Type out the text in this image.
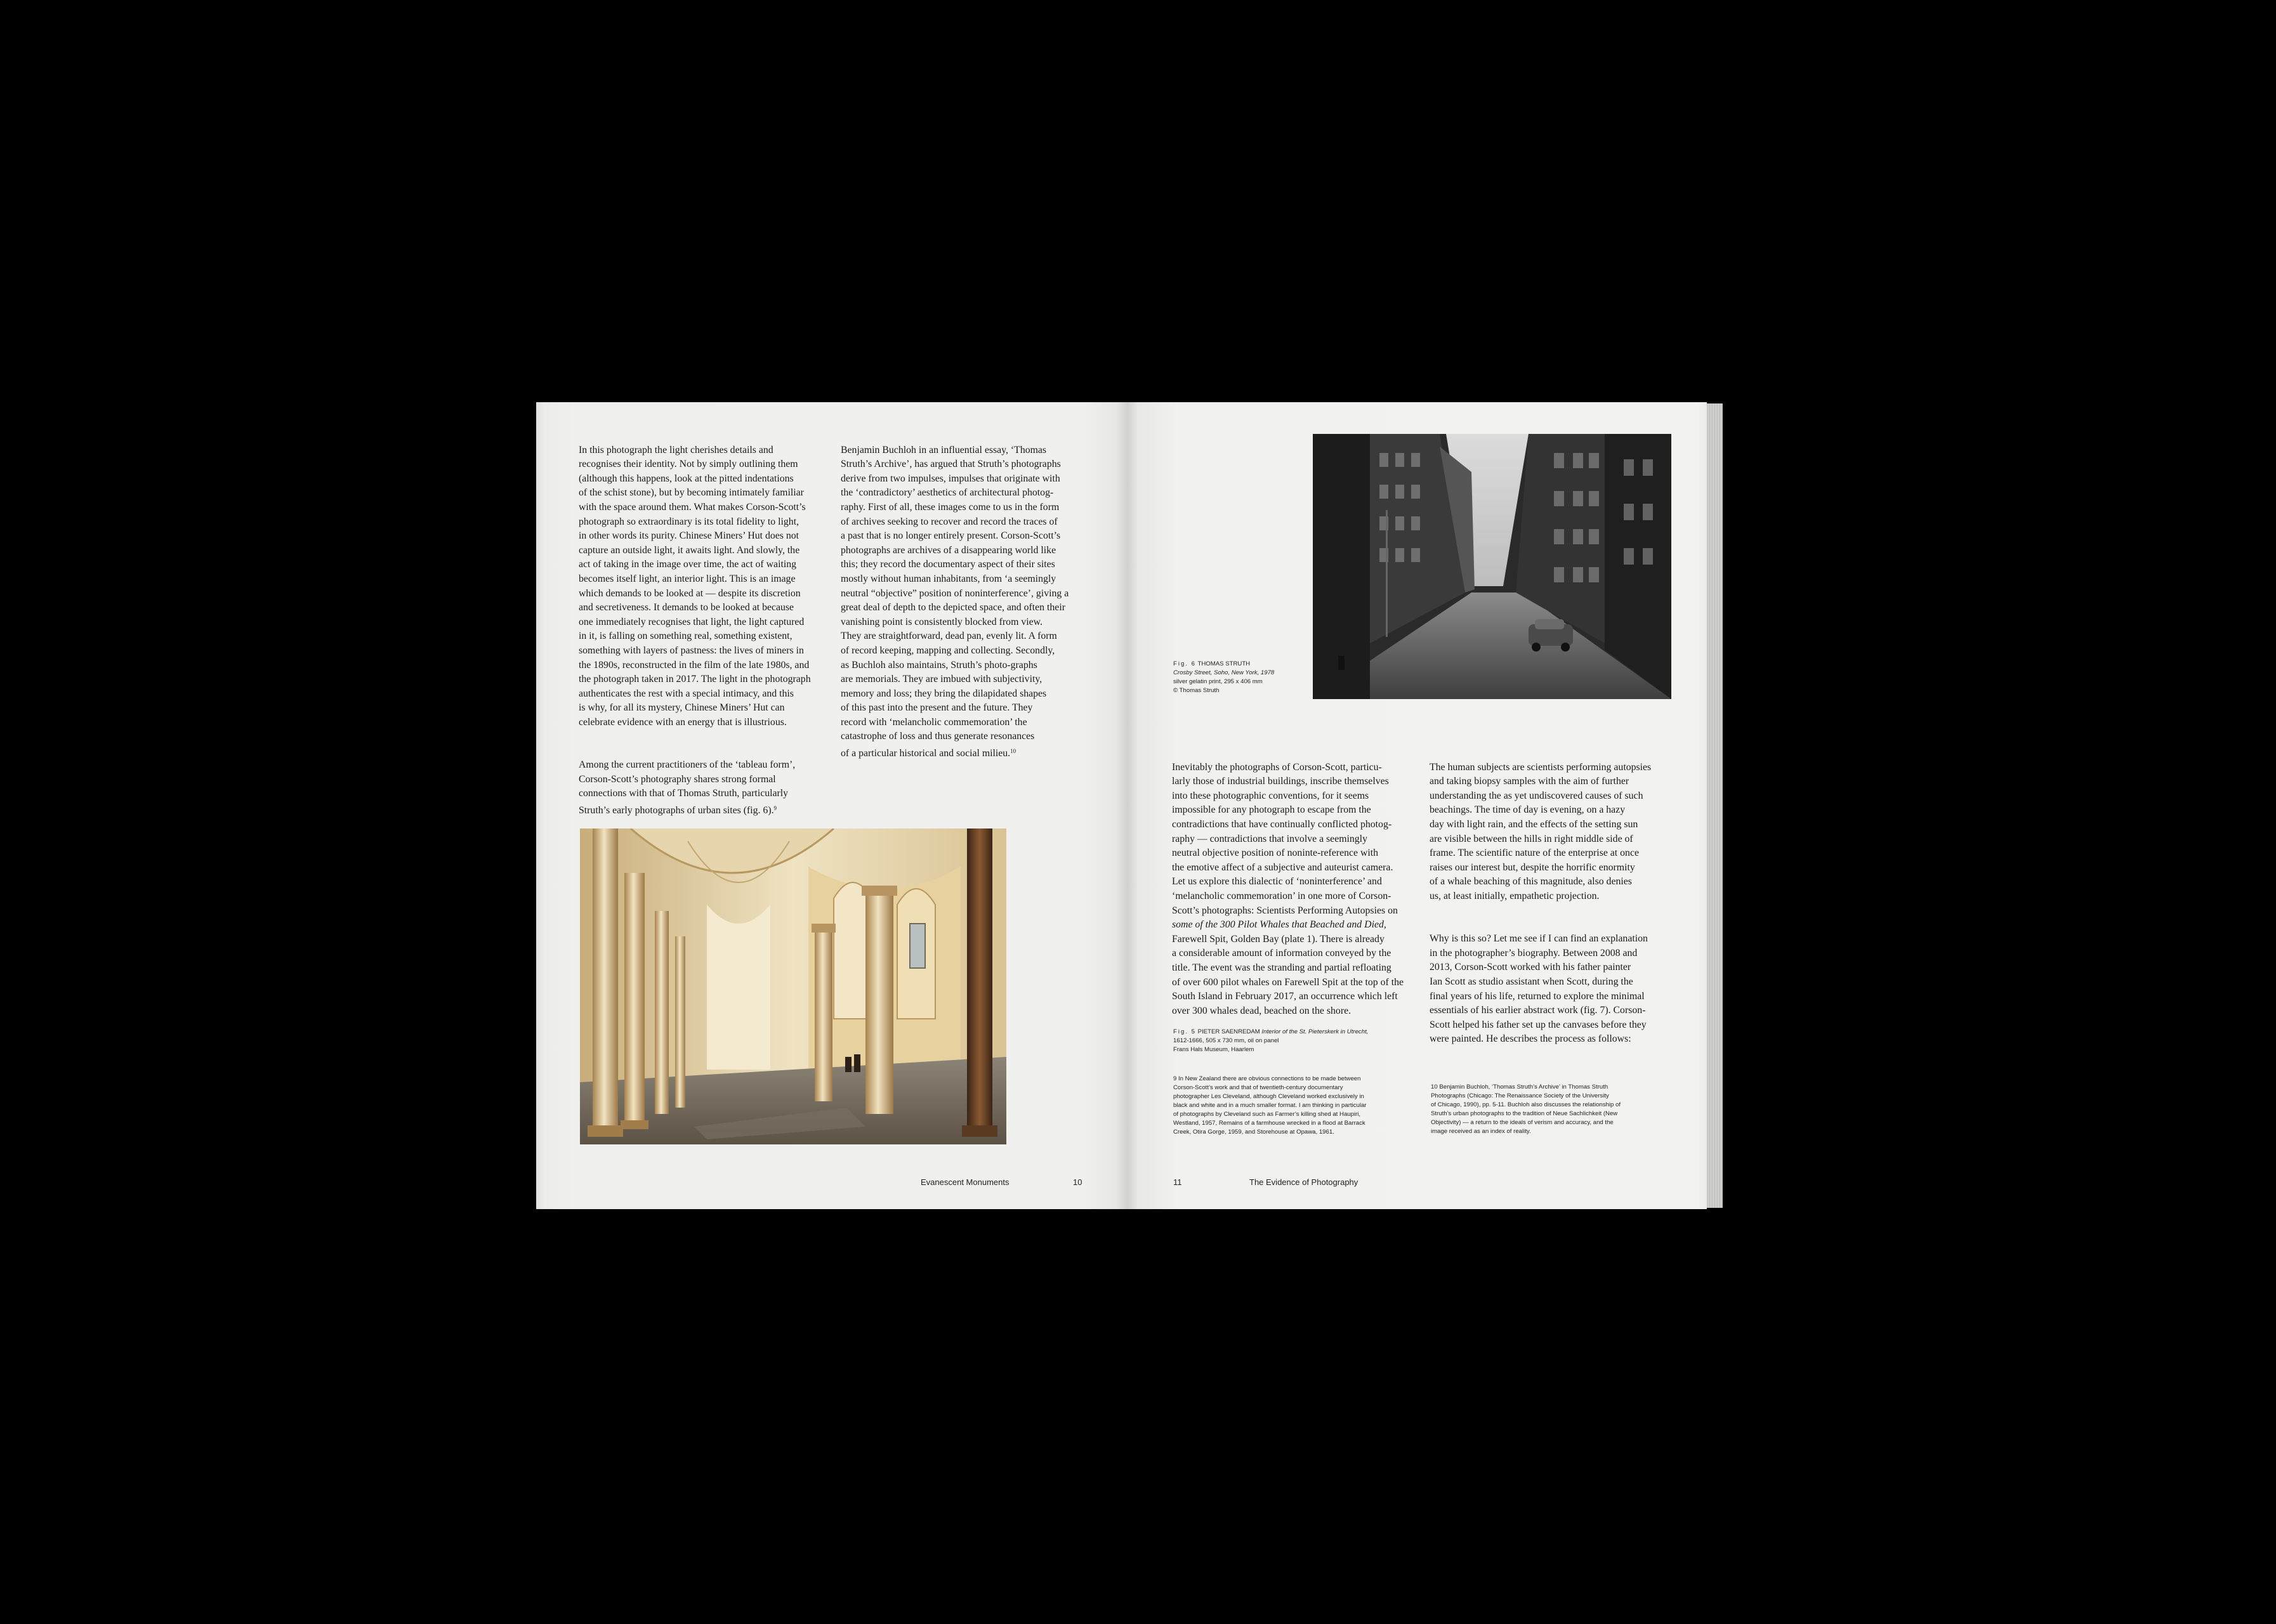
In this photograph the light cherishes details and
recognises their identity. Not by simply outlining them
(although this happens, look at the pitted indentations
of the schist stone), but by becoming intimately familiar
with the space around them. What makes Corson-Scott’s
photograph so extraordinary is its total fidelity to light,
in other words its purity. Chinese Miners’ Hut does not
capture an outside light, it awaits light. And slowly, the
act of taking in the image over time, the act of waiting
becomes itself light, an interior light. This is an image
which demands to be looked at — despite its discretion
and secretiveness. It demands to be looked at because
one immediately recognises that light, the light captured
in it, is falling on something real, something existent,
something with layers of pastness: the lives of miners in
the 1890s, reconstructed in the film of the late 1980s, and
the photograph taken in 2017. The light in the photograph
authenticates the rest with a special intimacy, and this
is why, for all its mystery, Chinese Miners’ Hut can
celebrate evidence with an energy that is illustrious.

Among the current practitioners of the ‘tableau form’,
Corson-Scott’s photography shares strong formal
connections with that of Thomas Struth, particularly
Struth’s early photographs of urban sites (fig. 6).$^9$

Benjamin Buchloh in an influential essay, ‘Thomas
Struth’s Archive’, has argued that Struth’s photographs
derive from two impulses, impulses that originate with
the ‘contradictory’ aesthetics of architectural photog-
raphy. First of all, these images come to us in the form
of archives seeking to recover and record the traces of
a past that is no longer entirely present. Corson-Scott’s
photographs are archives of a disappearing world like
this; they record the documentary aspect of their sites
mostly without human inhabitants, from ‘a seemingly
neutral “objective” position of noninterference’, giving a
great deal of depth to the depicted space, and often their
vanishing point is consistently blocked from view.
They are straightforward, dead pan, evenly lit. A form
of record keeping, mapping and collecting. Secondly,
as Buchloh also maintains, Struth’s photo-graphs
are memorials. They are imbued with subjectivity,
memory and loss; they bring the dilapidated shapes
of this past into the present and the future. They
record with ‘melancholic commemoration’ the
catastrophe of loss and thus generate resonances
of a particular historical and social milieu.$^{10}$

Evanescent Monuments	10
Fig. 6 THOMAS STRUTH
Crosby Street, Soho, New York, 1978
silver gelatin print, 295 x 406 mm
© Thomas Struth

Inevitably the photographs of Corson-Scott, particu-
larly those of industrial buildings, inscribe themselves
into these photographic conventions, for it seems
impossible for any photograph to escape from the
contradictions that have continually conflicted photog-
raphy — contradictions that involve a seemingly
neutral objective position of noninte-reference with
the emotive affect of a subjective and auteurist camera.
Let us explore this dialectic of ‘noninterference’ and
‘melancholic commemoration’ in one more of Corson-
Scott’s photographs: Scientists Performing Autopsies on
some of the 300 Pilot Whales that Beached and Died,
Farewell Spit, Golden Bay (plate 1). There is already
a considerable amount of information conveyed by the
title. The event was the stranding and partial refloating
of over 600 pilot whales on Farewell Spit at the top of the
South Island in February 2017, an occurrence which left
over 300 whales dead, beached on the shore.

The human subjects are scientists performing autopsies
and taking biopsy samples with the aim of further
understanding the as yet undiscovered causes of such
beachings. The time of day is evening, on a hazy
day with light rain, and the effects of the setting sun
are visible between the hills in right middle side of
frame. The scientific nature of the enterprise at once
raises our interest but, despite the horrific enormity
of a whale beaching of this magnitude, also denies
us, at least initially, empathetic projection.

Why is this so? Let me see if I can find an explanation
in the photographer’s biography. Between 2008 and
2013, Corson-Scott worked with his father painter
Ian Scott as studio assistant when Scott, during the
final years of his life, returned to explore the minimal
essentials of his earlier abstract work (fig. 7). Corson-
Scott helped his father set up the canvases before they
were painted. He describes the process as follows:

Fig. 5 PIETER SAENREDAM Interior of the St. Pieterskerk in Utrecht,
1612-1666, 505 x 730 mm, oil on panel
Frans Hals Museum, Haarlem
9 In New Zealand there are obvious connections to be made between
Corson-Scott’s work and that of twentieth-century documentary
photographer Les Cleveland, although Cleveland worked exclusively in
black and white and in a much smaller format. I am thinking in particular
of photographs by Cleveland such as Farmer’s killing shed at Haupiri,
Westland, 1957, Remains of a farmhouse wrecked in a flood at Barrack
Creek, Otira Gorge, 1959, and Storehouse at Opawa, 1961.
10 Benjamin Buchloh, ‘Thomas Struth’s Archive’ in Thomas Struth
Photographs (Chicago: The Renaissance Society of the University
of Chicago, 1990), pp. 5-11. Buchloh also discusses the relationship of
Struth’s urban photographs to the tradition of Neue Sachlichkeit (New
Objectivity) — a return to the ideals of verism and accuracy, and the
image received as an index of reality.
11	The Evidence of Photography
